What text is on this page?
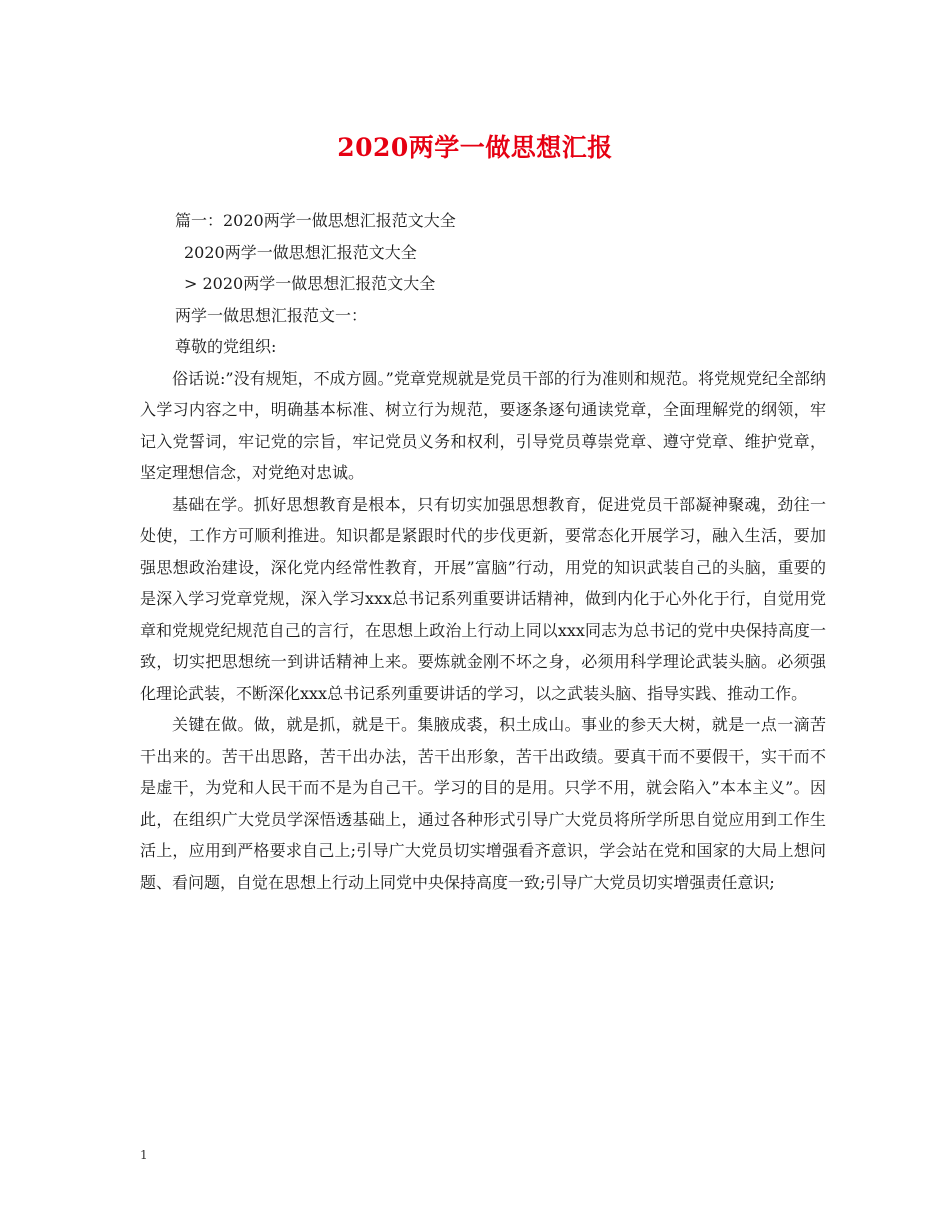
2020两学一做思想汇报

篇一：2020两学一做思想汇报范文大全

2020两学一做思想汇报范文大全

> 2020两学一做思想汇报范文大全

两学一做思想汇报范文一：

尊敬的党组织:

俗话说:”没有规矩，不成方圆。”党章党规就是党员干部的行为准则和规范。将党规党纪全部纳入学习内容之中，明确基本标准、树立行为规范，要逐条逐句通读党章，全面理解党的纲领，牢记入党誓词，牢记党的宗旨，牢记党员义务和权利，引导党员尊崇党章、遵守党章、维护党章，坚定理想信念，对党绝对忠诚。

基础在学。抓好思想教育是根本，只有切实加强思想教育，促进党员干部凝神聚魂，劲往一处使，工作方可顺利推进。知识都是紧跟时代的步伐更新，要常态化开展学习，融入生活，要加强思想政治建设，深化党内经常性教育，开展”富脑”行动，用党的知识武装自己的头脑，重要的是深入学习党章党规，深入学习xxx总书记系列重要讲话精神，做到内化于心外化于行，自觉用党章和党规党纪规范自己的言行，在思想上政治上行动上同以xxx同志为总书记的党中央保持高度一致，切实把思想统一到讲话精神上来。要炼就金刚不坏之身，必须用科学理论武装头脑。必须强化理论武装，不断深化xxx总书记系列重要讲话的学习，以之武装头脑、指导实践、推动工作。

关键在做。做，就是抓，就是干。集腋成裘，积土成山。事业的参天大树，就是一点一滴苦干出来的。苦干出思路，苦干出办法，苦干出形象，苦干出政绩。要真干而不要假干，实干而不是虚干，为党和人民干而不是为自己干。学习的目的是用。只学不用，就会陷入”本本主义”。因此，在组织广大党员学深悟透基础上，通过各种形式引导广大党员将所学所思自觉应用到工作生活上，应用到严格要求自己上;引导广大党员切实增强看齐意识，学会站在党和国家的大局上想问题、看问题，自觉在思想上行动上同党中央保持高度一致;引导广大党员切实增强责任意识;

1
